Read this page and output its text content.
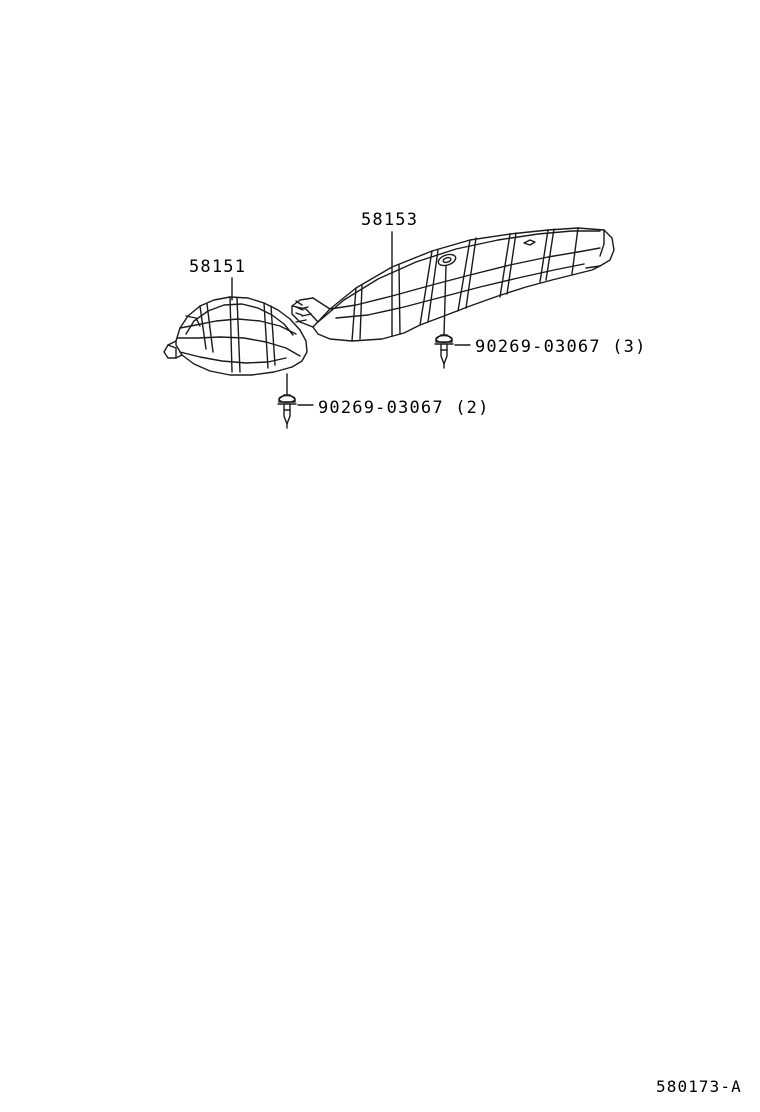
58151
58153
90269-03067 (3)
90269-03067 (2)
580173-A
